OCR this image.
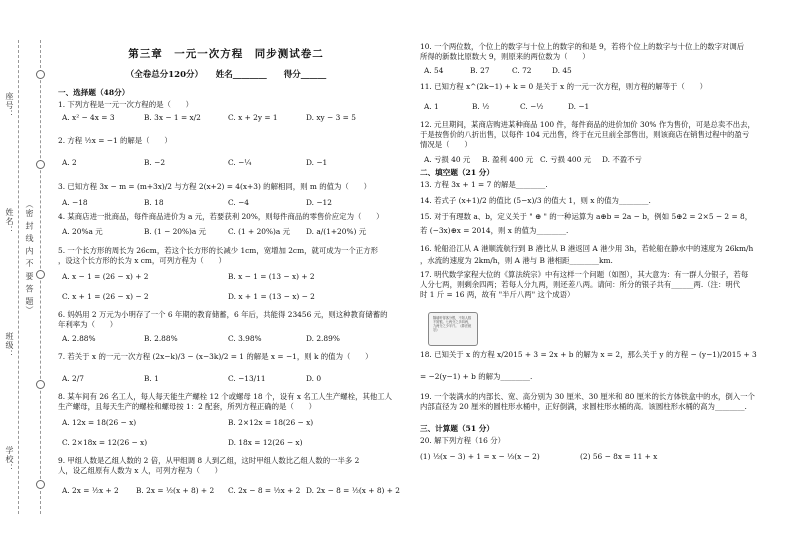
座号：
姓名：
班级：
学校：
（密 封 线 内 不 要 答 题）
第三章　一元一次方程　同步测试卷二
（全卷总分120分）　　姓名________　　得分______
一、选择题（48分）
1. 下列方程是一元一次方程的是（　　）
A. x² − 4x = 3	B. 3x − 1 = x/2	C. x + 2y = 1	D. xy − 3 = 5
2. 方程 ½x = −1 的解是（　　）
A. 2	B. −2	C. −¼	D. −1
3. 已知方程 3x − m = (m+3x)/2 与方程 2(x+2) = 4(x+3) 的解相同，则 m 的值为（　　）
A. −18	B. 18	C. −4	D. −12
4. 某商店进一批商品，每件商品进价为 a 元，若要获利 20%，则每件商品的零售价应定为（　　）
A. 20%a 元	B. (1 − 20%)a 元	C. (1 + 20%)a 元 D. a/(1+20%) 元
5. 一个长方形的周长为 26cm，若这个长方形的长减少 1cm，宽增加 2cm，就可成为一个正方形
，设这个长方形的长为 x cm，可列方程为（　　）
A. x − 1 = (26 − x) + 2	B. x − 1 = (13 − x) + 2
C. x + 1 = (26 − x) − 2	D. x + 1 = (13 − x) − 2
6. 妈妈用 2 万元为小明存了一个 6 年期的教育储蓄，6 年后，共能得 23456 元，则这种教育储蓄的
年利率为（　　）
A. 2.88%	B. 2.88%	C. 3.98%	D. 2.89%
7. 若关于 x 的一元一次方程 (2x−k)/3 − (x−3k)/2 = 1 的解是 x = −1，则 k 的值为（　　）
A. 2/7	B. 1	C. −13/11	D. 0
8. 某车间有 26 名工人，每人每天能生产螺栓 12 个或螺母 18 个，设有 x 名工人生产螺栓，其他工人
生产螺母，且每天生产的螺栓和螺母按 1：2 配套，所列方程正确的是（　　）
A. 12x = 18(26 − x)	B. 2×12x = 18(26 − x)
C. 2×18x = 12(26 − x)	D. 18x = 12(26 − x)
9. 甲组人数是乙组人数的 2 倍，从甲组调 8 人到乙组，这时甲组人数比乙组人数的一半多 2
人，设乙组原有人数为 x 人，可列方程为（　　）
A. 2x = ½x + 2 B. 2x = ½(x + 8) + 2 C. 2x − 8 = ½x + 2 D. 2x − 8 = ½(x + 8) + 2
10. 一个两位数，个位上的数字与十位上的数字的和是 9，若将个位上的数字与十位上的数字对调后
所得的新数比原数大 9，则原来的两位数为（　　）
A. 54	B. 27	C. 72	D. 45
11. 已知方程 x^(2k−1) + k = 0 是关于 x 的一元一次方程，则方程的解等于（　　）
A. 1	B. ½	C. −½	D. −1
12. 元旦期间，某商店购进某种商品 100 件，每件商品的进价加价 30% 作为售价，可是总卖不出去，
于是按售价的八折出售，以每件 104 元出售，终于在元旦前全部售出，则该商店在销售过程中的盈亏
情况是（　　）
A. 亏损 40 元 B. 盈利 400 元 C. 亏损 400 元 D. 不盈不亏
二、填空题（21 分）
13. 方程 3x + 1 = 7 的解是________.
14. 若式子 (x+1)/2 的值比 (5−x)/3 的值大 1，则 x 的值为________.
15. 对于有理数 a、b，定义关于 " ⊕ " 的一种运算为 a⊕b = 2a − b，例如 5⊕2 = 2×5 − 2 = 8，
若 (−3x)⊕x = 2014，则 x 的值为________.
16. 轮船沿江从 A 港顺流航行到 B 港比从 B 港返回 A 港少用 3h，若轮船在静水中的速度为 26km/h
，水流的速度为 2km/h，则 A 港与 B 港相距________km.
17. 明代数学家程大位的《算法统宗》中有这样一个问题（如图），其大意为：有一群人分银子，若每
人分七两，则剩余四两；若每人分九两，则还差八两。请问：所分的银子共有______两.（注：明代
时 1 斤 = 16 两，故有 "半斤八两" 这个成语）
18. 已知关于 x 的方程 x/2015 + 3 = 2x + b 的解为 x = 2，那么关于 y 的方程 − (y−1)/2015 + 3
= −2(y−1) + b 的解为________.
19. 一个装满水的内部长、宽、高分别为 30 厘米、30 厘米和 80 厘米的长方体铁盒中的水，倒入一个
内部直径为 20 厘米的圆柱形水桶中，正好倒满，求圆柱形水桶的高．该圆柱形水桶的高为________.
三、计算题（51 分）
20. 解下列方程（16 分）
(1) ½(x − 3) + 1 = x − ⅓(x − 2)	(2) 56 − 8x = 11 + x
隔墙听得客分银，不知人数不知银。七两分之多四两，九两分之少半斤。《算法统宗》
